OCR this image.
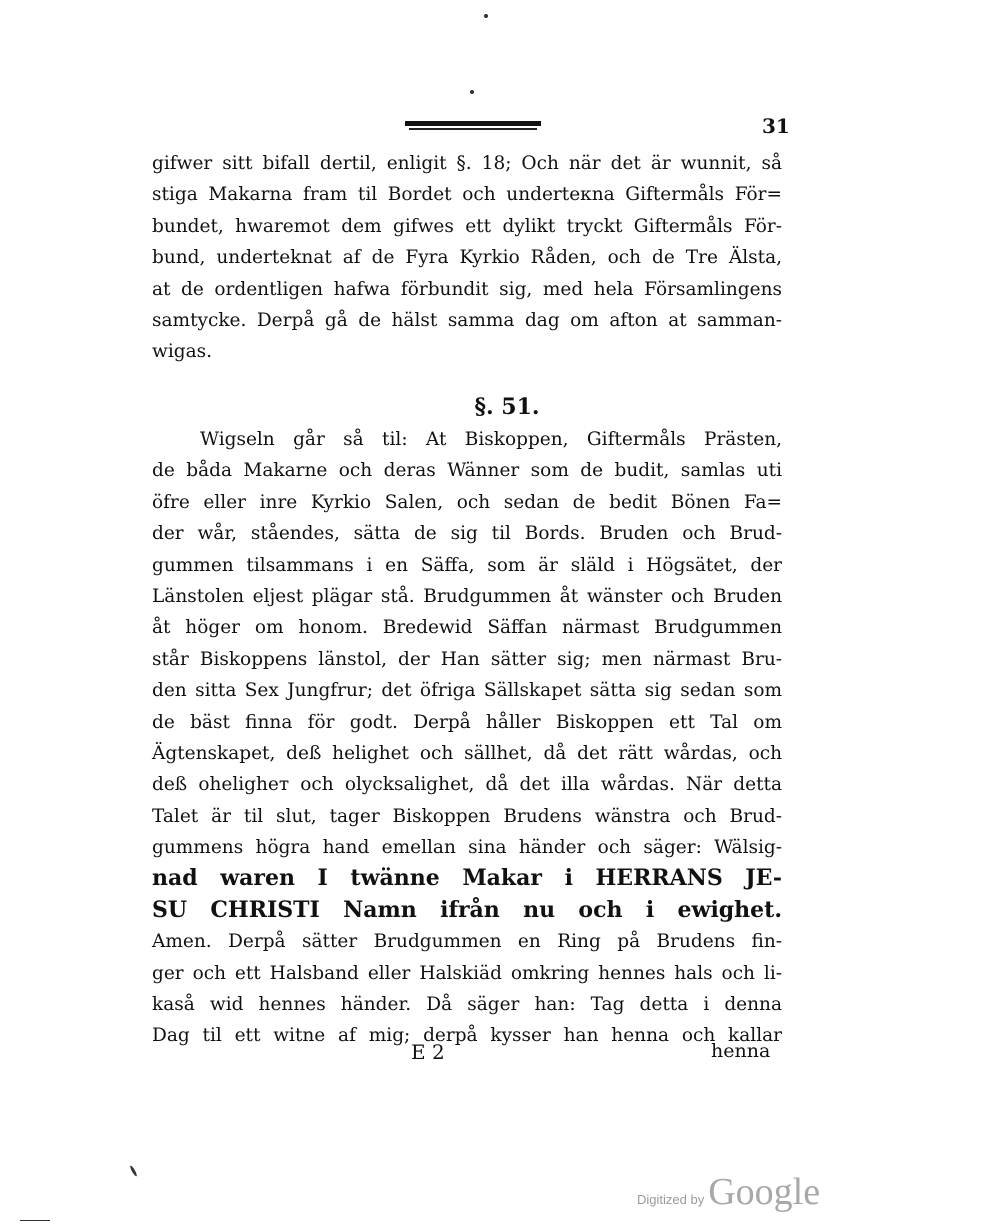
31
gifwer sitt bifall dertil, enligit §. 18; Och när det är wunnit, så
stiga Makarna fram til Bordet och underteкna Giftermåls För=
bundet, hwaremot dem gifwes ett dylikt tryckt Giftermåls För-
bund, underteknat af de Fyra Kyrkio Råden, och de Tre Älsta,
at de ordentligen hafwa förbundit sig, med hela Församlingens
samtycke. Derpå gå de hälst samma dag om afton at samman-
wigas.
§. 51.
Wigseln går så til: At Biskoppen, Giftermåls Prästen,
de båda Makarne och deras Wänner som de budit, samlas uti
öfre eller inre Kyrkio Salen, och sedan de bedit Bönen Fa=
der wår, ståendes, sätta de sig til Bords. Bruden och Brud-
gummen tilsammans i en Säffa, som är släld i Högsätet, der
Länstolen eljest plägar stå. Brudgummen åt wänster och Bruden
åt höger om honom. Bredewid Säffan närmast Brudgummen
står Biskoppens länstol, der Han sätter sig; men närmast Bru-
den sitta Sex Jungfrur; det öfriga Sällskapet sätta sig sedan som
de bäst finna för godt. Derpå håller Biskoppen ett Tal om
Ägtenskapet, deß helighet och sällhet, då det rätt wårdas, och
deß oheligheт och olycksalighet, då det illa wårdas. När detta
Talet är til slut, tager Biskoppen Brudens wänstra och Brud-
gummens högra hand emellan sina händer och säger: Wälsig-
nad waren I twänne Makar i HERRANS JE-
SU CHRISTI Namn ifrån nu och i ewighet.
Amen. Derpå sätter Brudgummen en Ring på Brudens fin-
ger och ett Halsband eller Halskiäd omkring hennes hals och li-
kaså wid hennes händer. Då säger han: Tag detta i denna
Dag til ett witne af mig; derpå kysser han henna och kallar
E 2	henna
Digitized by Google
